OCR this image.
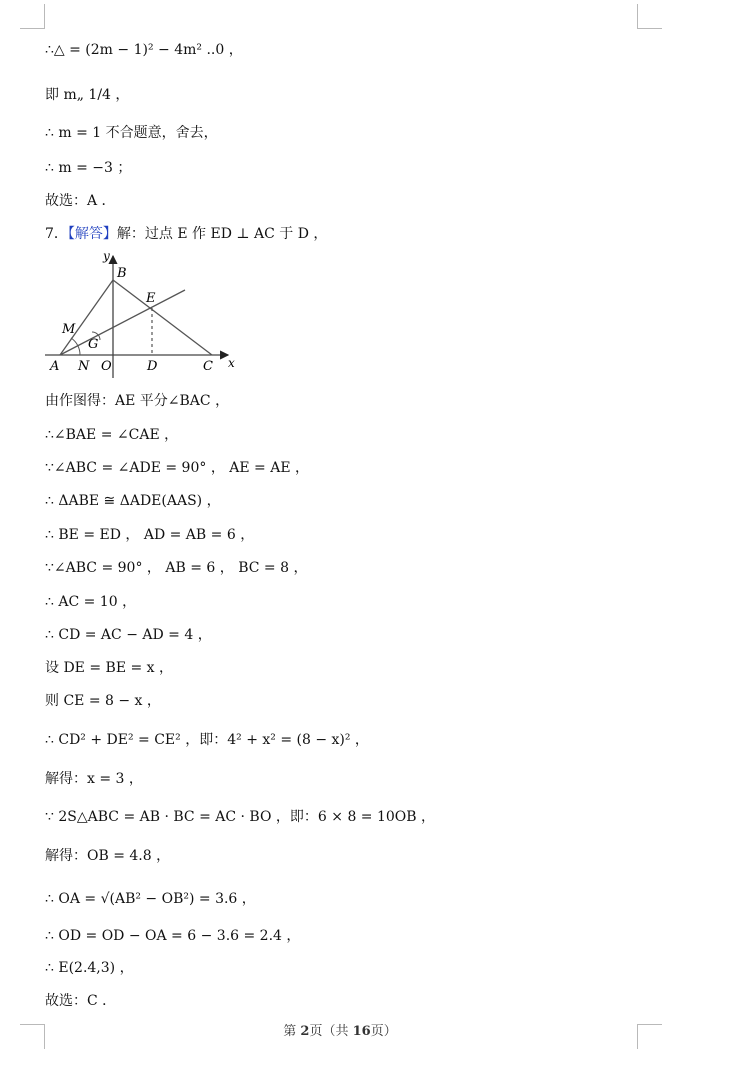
∴△ = (2m − 1)² − 4m² ..0 ，
即 m„ 1/4 ，
∴ m = 1 不合题意，舍去，
∴ m = −3 ；
故选：A ．
7．【解答】解：过点 E 作 ED ⊥ AC 于 D ，
y
x
B
E
M
G
A N O	D	C
由作图得：AE 平分∠BAC ，
∴∠BAE = ∠CAE ，
∵∠ABC = ∠ADE = 90° ， AE = AE ，
∴ ΔABE ≅ ΔADE(AAS) ，
∴ BE = ED ， AD = AB = 6 ，
∵∠ABC = 90° ， AB = 6 ， BC = 8 ，
∴ AC = 10 ，
∴ CD = AC − AD = 4 ，
设 DE = BE = x ，
则 CE = 8 − x ，
∴ CD² + DE² = CE² ，即：4² + x² = (8 − x)² ，
解得：x = 3 ，
∵ 2S△ABC = AB · BC = AC · BO ，即：6 × 8 = 10OB ，
解得：OB = 4.8 ，
∴ OA = √(AB² − OB²) = 3.6 ，
∴ OD = OD − OA = 6 − 3.6 = 2.4 ，
∴ E(2.4,3) ，
故选：C ．
第 2页（共 16页）
